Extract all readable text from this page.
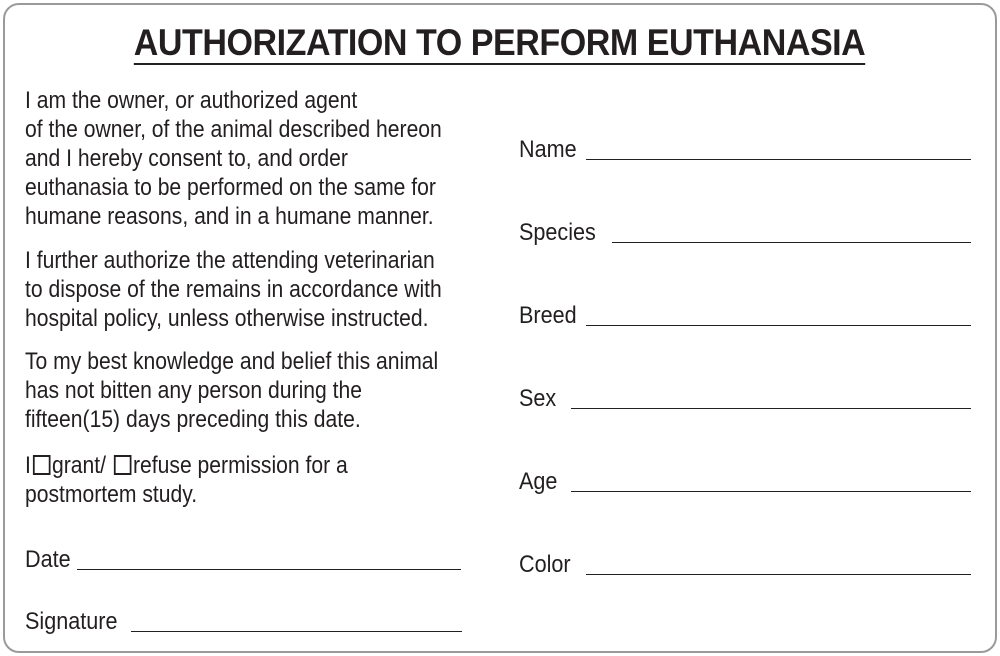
AUTHORIZATION TO PERFORM EUTHANASIA
I am the owner, or authorized agent
of the owner, of the animal described hereon
and I hereby consent to, and order
euthanasia to be performed on the same for
humane reasons, and in a humane manner.
I further authorize the attending veterinarian
to dispose of the remains in accordance with
hospital policy, unless otherwise instructed.
To my best knowledge and belief this animal
has not bitten any person during the
fifteen(15) days preceding this date.
I grant/ refuse permission for a
postmortem study.
Date
Signature
Name
Species
Breed
Sex
Age
Color
